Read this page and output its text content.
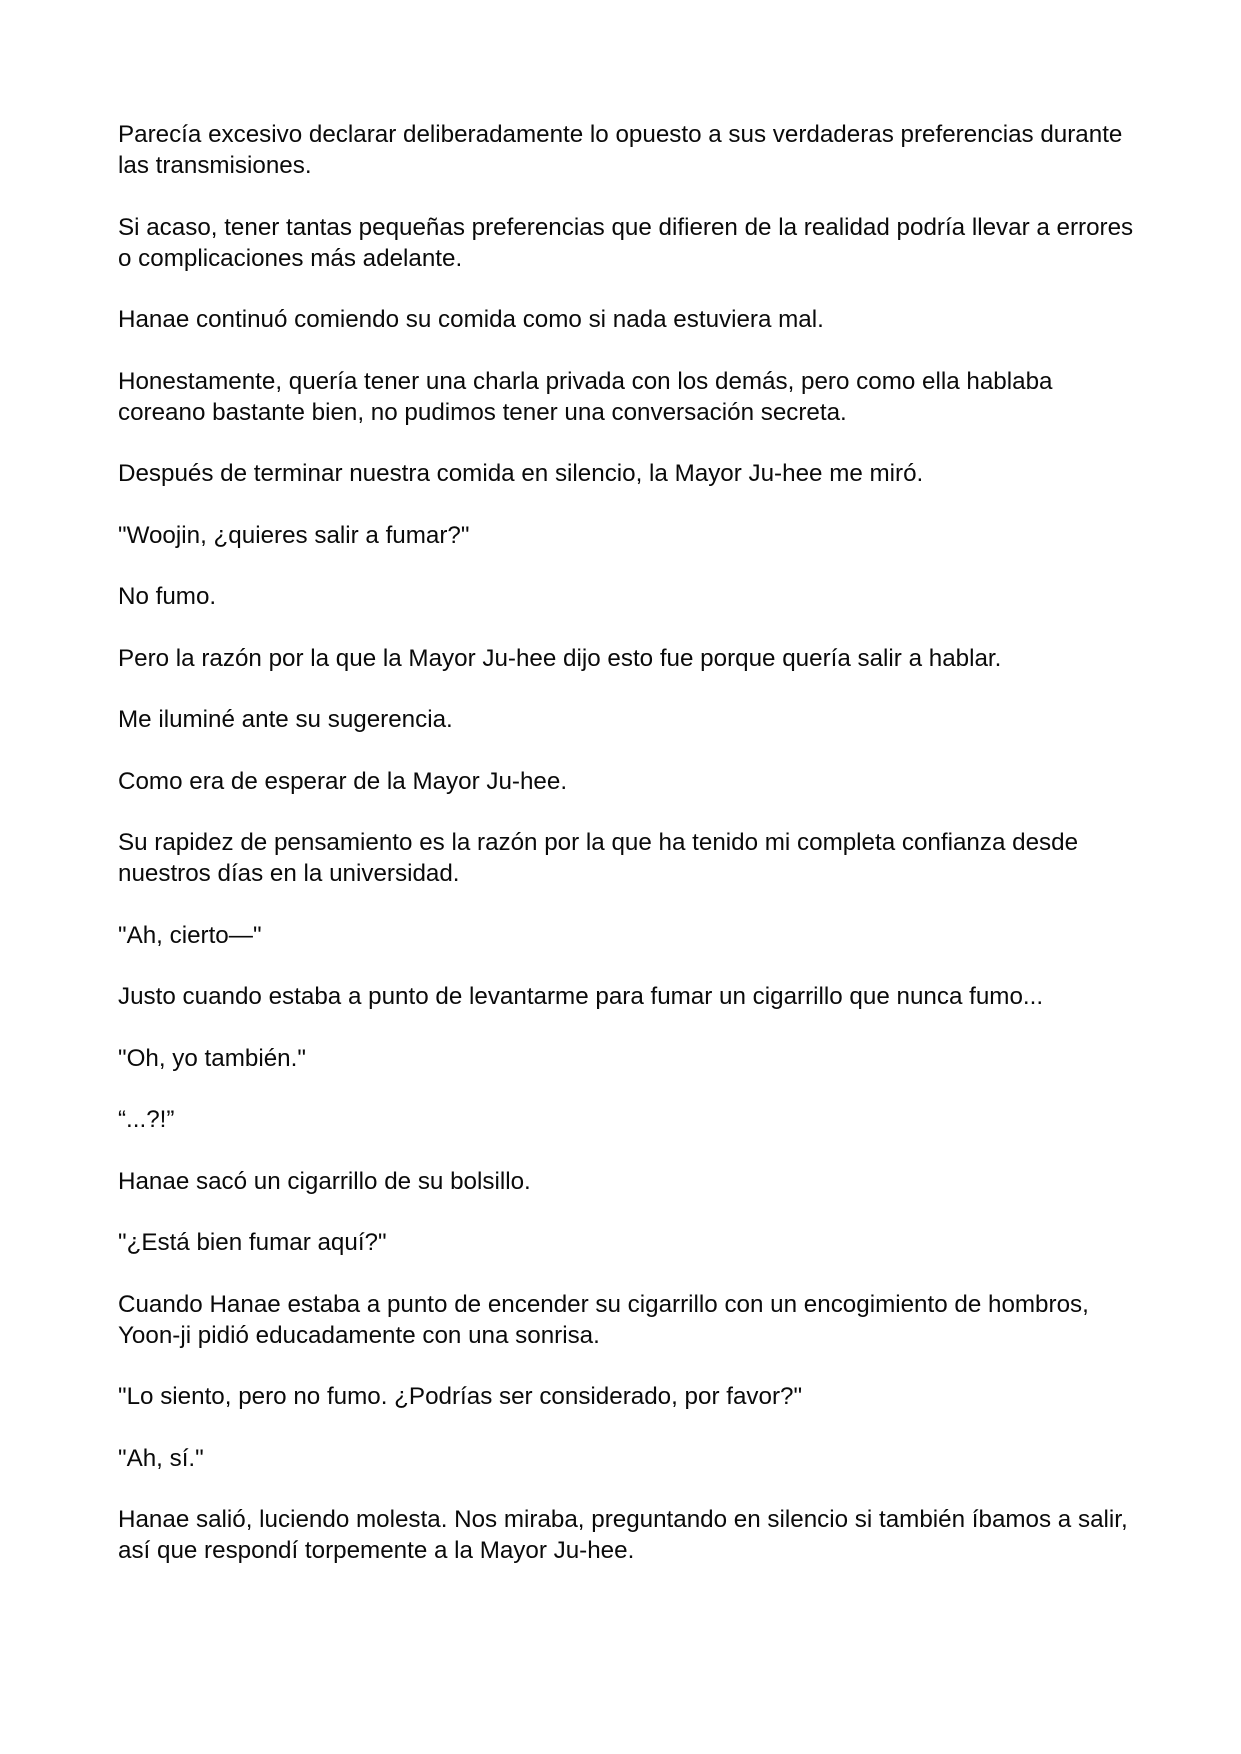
Parecía excesivo declarar deliberadamente lo opuesto a sus verdaderas preferencias durante las transmisiones.

Si acaso, tener tantas pequeñas preferencias que difieren de la realidad podría llevar a errores o complicaciones más adelante.

Hanae continuó comiendo su comida como si nada estuviera mal.

Honestamente, quería tener una charla privada con los demás, pero como ella hablaba coreano bastante bien, no pudimos tener una conversación secreta.

Después de terminar nuestra comida en silencio, la Mayor Ju-hee me miró.

"Woojin, ¿quieres salir a fumar?"

No fumo.

Pero la razón por la que la Mayor Ju-hee dijo esto fue porque quería salir a hablar.

Me iluminé ante su sugerencia.

Como era de esperar de la Mayor Ju-hee.

Su rapidez de pensamiento es la razón por la que ha tenido mi completa confianza desde nuestros días en la universidad.

"Ah, cierto—"

Justo cuando estaba a punto de levantarme para fumar un cigarrillo que nunca fumo...

"Oh, yo también."

“...?!”

Hanae sacó un cigarrillo de su bolsillo.

"¿Está bien fumar aquí?"

Cuando Hanae estaba a punto de encender su cigarrillo con un encogimiento de hombros, Yoon-ji pidió educadamente con una sonrisa.

"Lo siento, pero no fumo. ¿Podrías ser considerado, por favor?"

"Ah, sí."

Hanae salió, luciendo molesta. Nos miraba, preguntando en silencio si también íbamos a salir, así que respondí torpemente a la Mayor Ju-hee.
